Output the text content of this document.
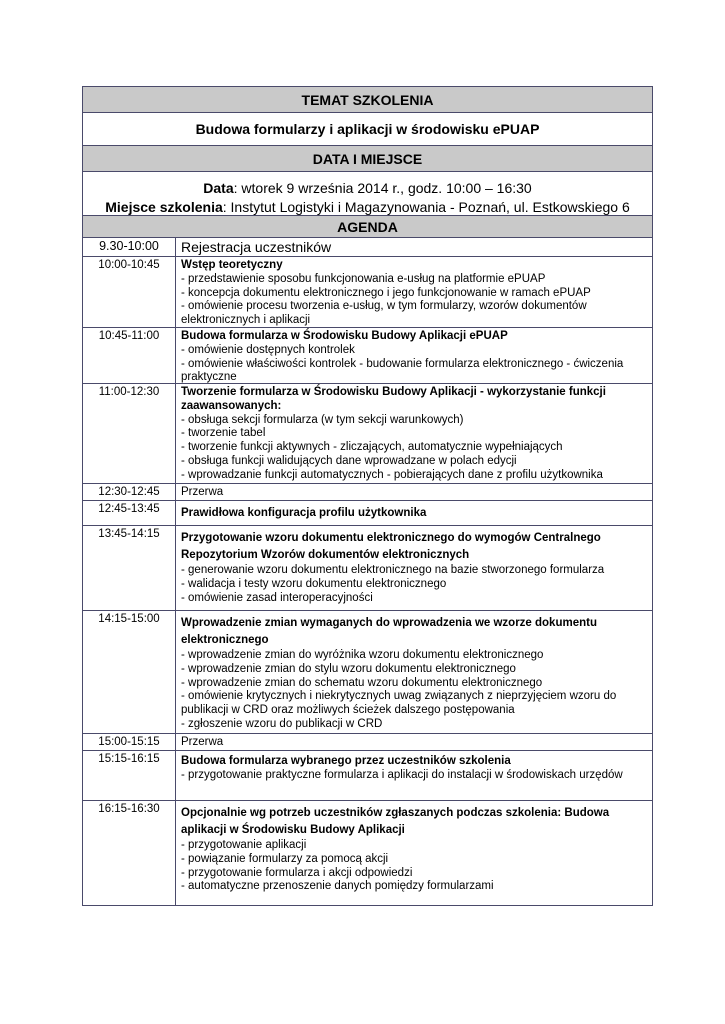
TEMAT SZKOLENIA
Budowa formularzy i aplikacji w środowisku ePUAP
DATA I MIEJSCE
Data: wtorek 9 września 2014 r., godz. 10:00 – 16:30
Miejsce szkolenia: Instytut Logistyki i Magazynowania - Poznań, ul. Estkowskiego 6
AGENDA
9.30-10:00	Rejestracja uczestników
10:00-10:45	Wstęp teoretyczny
- przedstawienie sposobu funkcjonowania e-usług na platformie ePUAP
- koncepcja dokumentu elektronicznego i jego funkcjonowanie w ramach ePUAP
- omówienie procesu tworzenia e-usług, w tym formularzy, wzorów dokumentów elektronicznych i aplikacji
10:45-11:00	Budowa formularza w Środowisku Budowy Aplikacji ePUAP
- omówienie dostępnych kontrolek
- omówienie właściwości kontrolek - budowanie formularza elektronicznego - ćwiczenia praktyczne
11:00-12:30	Tworzenie formularza w Środowisku Budowy Aplikacji - wykorzystanie funkcji zaawansowanych:
- obsługa sekcji formularza (w tym sekcji warunkowych)
- tworzenie tabel
- tworzenie funkcji aktywnych - zliczających, automatycznie wypełniających
- obsługa funkcji walidujących dane wprowadzane w polach edycji
- wprowadzanie funkcji automatycznych - pobierających dane z profilu użytkownika
12:30-12:45	Przerwa
12:45-13:45	Prawidłowa konfiguracja profilu użytkownika
13:45-14:15	Przygotowanie wzoru dokumentu elektronicznego do wymogów Centralnego Repozytorium Wzorów dokumentów elektronicznych
- generowanie wzoru dokumentu elektronicznego na bazie stworzonego formularza
- walidacja i testy wzoru dokumentu elektronicznego
- omówienie zasad interoperacyjności
14:15-15:00	Wprowadzenie zmian wymaganych do wprowadzenia we wzorze dokumentu elektronicznego
- wprowadzenie zmian do wyróżnika wzoru dokumentu elektronicznego
- wprowadzenie zmian do stylu wzoru dokumentu elektronicznego
- wprowadzenie zmian do schematu wzoru dokumentu elektronicznego
- omówienie krytycznych i niekrytycznych uwag związanych z nieprzyjęciem wzoru do publikacji w CRD oraz możliwych ścieżek dalszego postępowania
- zgłoszenie wzoru do publikacji w CRD
15:00-15:15	Przerwa
15:15-16:15	Budowa formularza wybranego przez uczestników szkolenia
- przygotowanie praktyczne formularza i aplikacji do instalacji w środowiskach urzędów
16:15-16:30	Opcjonalnie wg potrzeb uczestników zgłaszanych podczas szkolenia: Budowa aplikacji w Środowisku Budowy Aplikacji
- przygotowanie aplikacji
- powiązanie formularzy za pomocą akcji
- przygotowanie formularza i akcji odpowiedzi
- automatyczne przenoszenie danych pomiędzy formularzami
